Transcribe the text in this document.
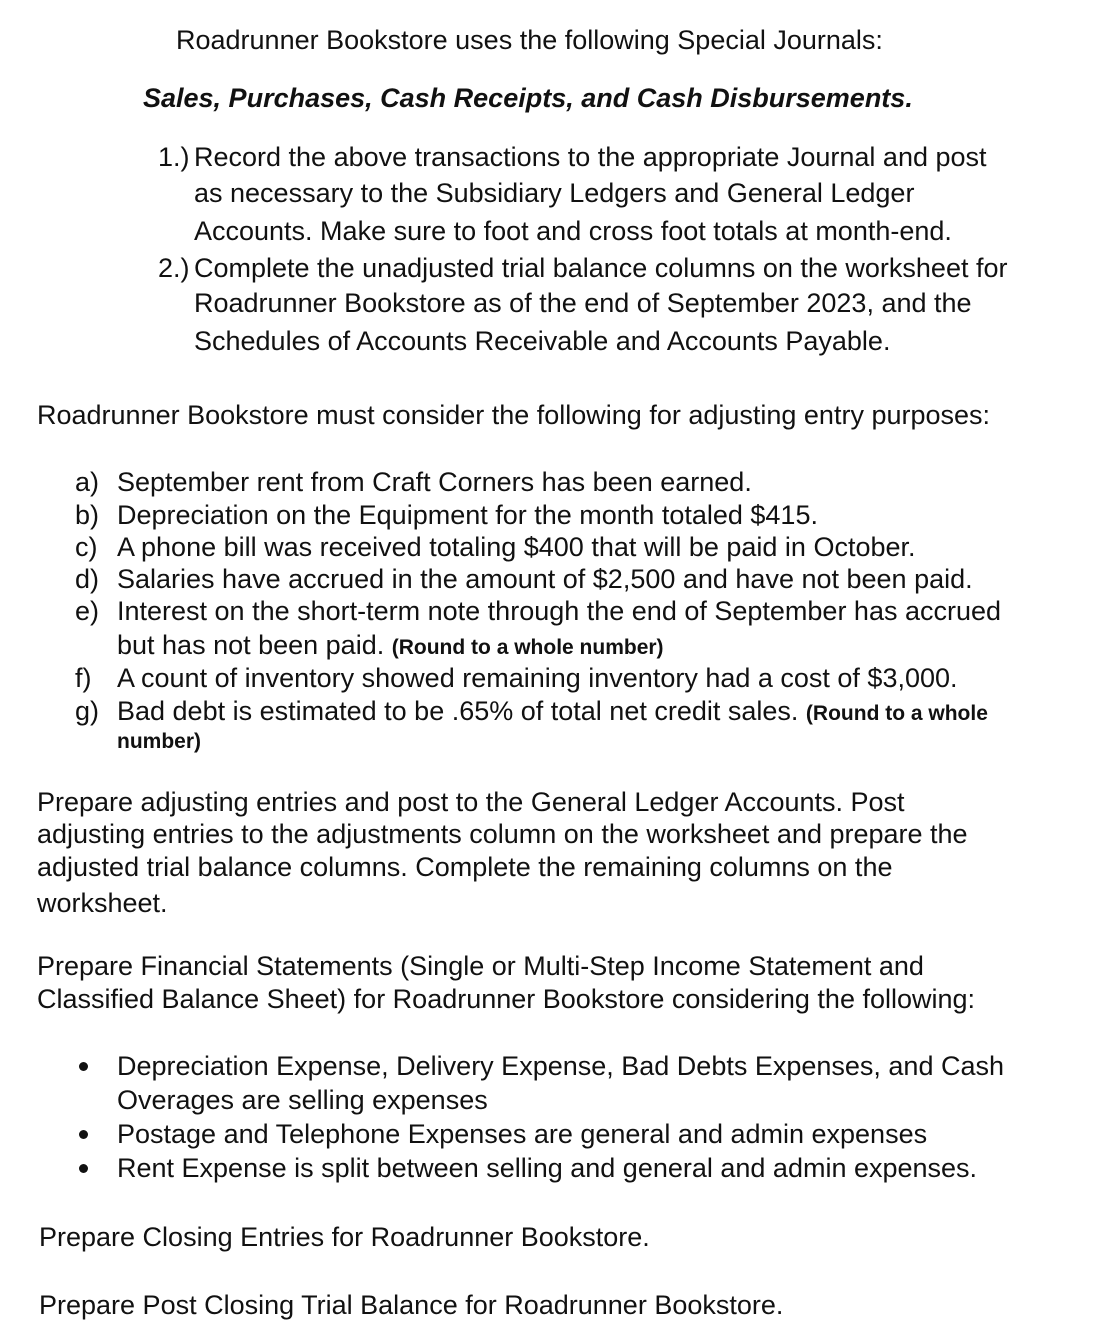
Roadrunner Bookstore uses the following Special Journals:
Sales, Purchases, Cash Receipts, and Cash Disbursements.
1.) Record the above transactions to the appropriate Journal and post
as necessary to the Subsidiary Ledgers and General Ledger
Accounts. Make sure to foot and cross foot totals at month-end.
2.) Complete the unadjusted trial balance columns on the worksheet for
Roadrunner Bookstore as of the end of September 2023, and the
Schedules of Accounts Receivable and Accounts Payable.
Roadrunner Bookstore must consider the following for adjusting entry purposes:
a) September rent from Craft Corners has been earned.
b) Depreciation on the Equipment for the month totaled $415.
c) A phone bill was received totaling $400 that will be paid in October.
d) Salaries have accrued in the amount of $2,500 and have not been paid.
e) Interest on the short-term note through the end of September has accrued
but has not been paid. (Round to a whole number)
f) A count of inventory showed remaining inventory had a cost of $3,000.
g) Bad debt is estimated to be .65% of total net credit sales. (Round to a whole
number)
Prepare adjusting entries and post to the General Ledger Accounts. Post
adjusting entries to the adjustments column on the worksheet and prepare the
adjusted trial balance columns. Complete the remaining columns on the
worksheet.
Prepare Financial Statements (Single or Multi-Step Income Statement and
Classified Balance Sheet) for Roadrunner Bookstore considering the following:
Depreciation Expense, Delivery Expense, Bad Debts Expenses, and Cash
Overages are selling expenses
Postage and Telephone Expenses are general and admin expenses
Rent Expense is split between selling and general and admin expenses.
Prepare Closing Entries for Roadrunner Bookstore.
Prepare Post Closing Trial Balance for Roadrunner Bookstore.
